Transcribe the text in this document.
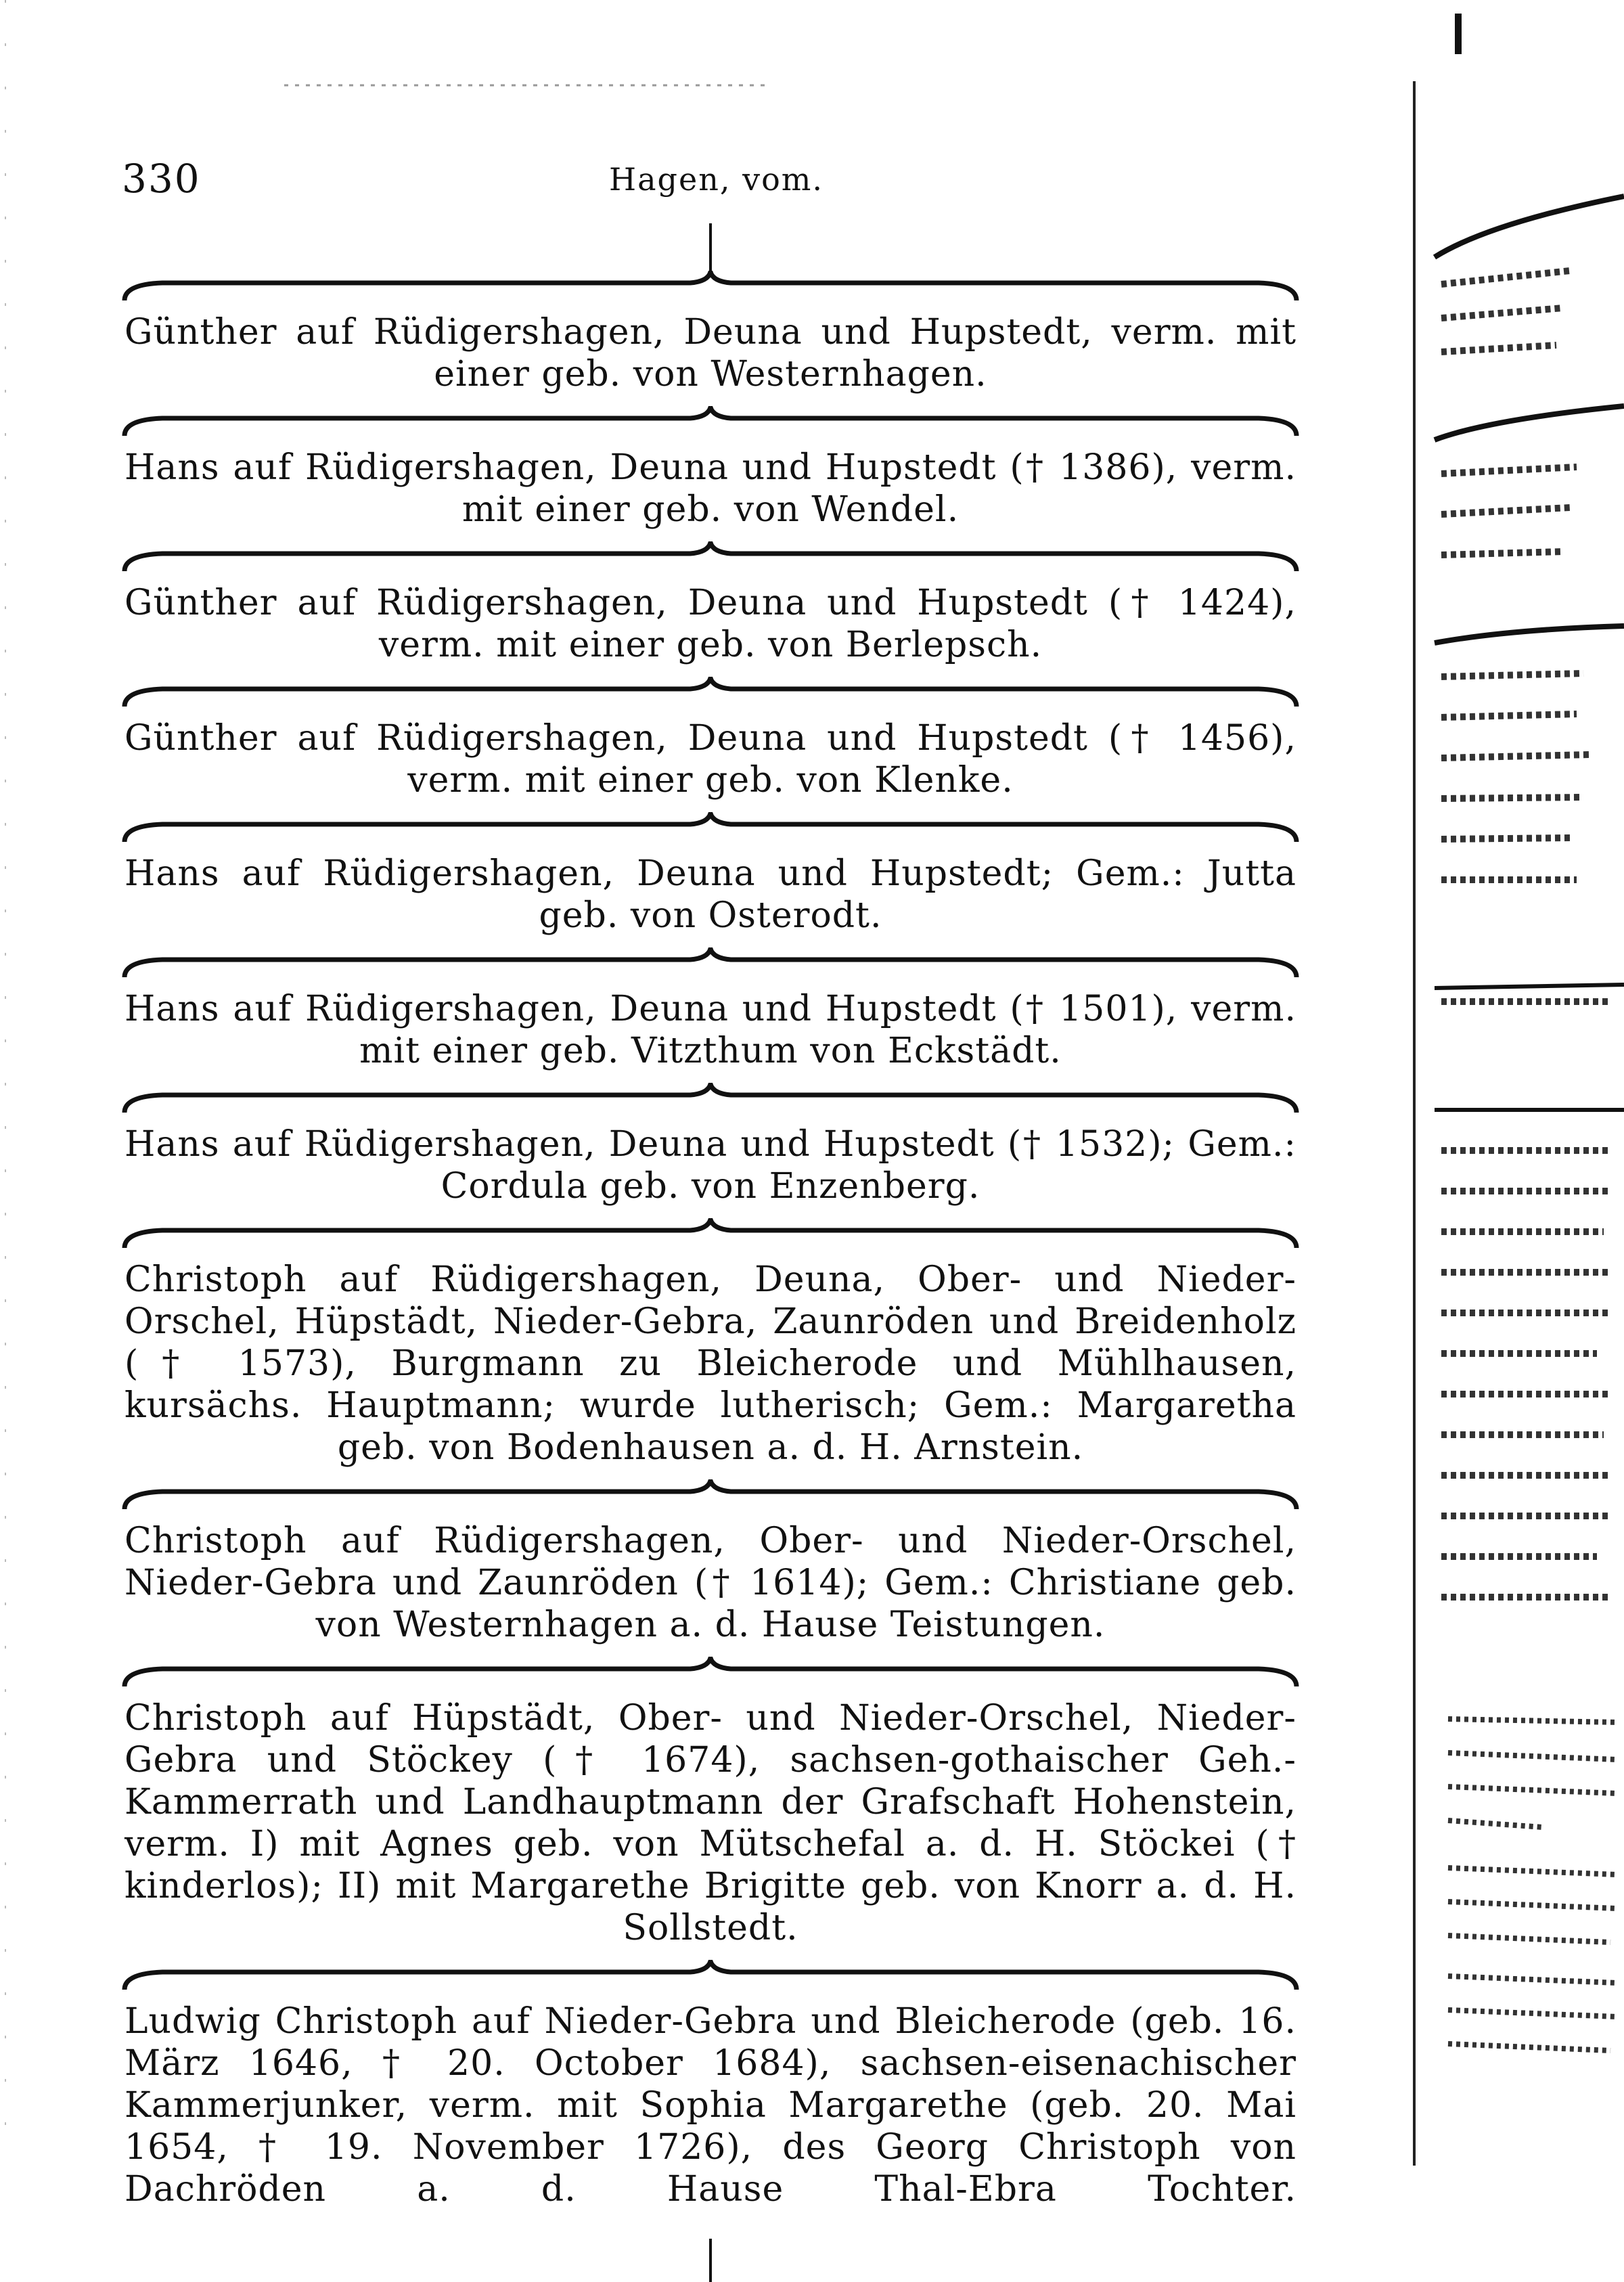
330	Hagen, vom.
Günther auf Rüdigershagen, Deuna und Hupstedt, verm. mit einer geb. von Westernhagen.
Hans auf Rüdigershagen, Deuna und Hupstedt († 1386), verm. mit einer geb. von Wendel.
Günther auf Rüdigershagen, Deuna und Hupstedt († 1424), verm. mit einer geb. von Berlepsch.
Günther auf Rüdigershagen, Deuna und Hupstedt († 1456), verm. mit einer geb. von Klenke.
Hans auf Rüdigershagen, Deuna und Hupstedt; Gem.: Jutta geb. von Osterodt.
Hans auf Rüdigershagen, Deuna und Hupstedt († 1501), verm. mit einer geb. Vitzthum von Eckstädt.
Hans auf Rüdigershagen, Deuna und Hupstedt († 1532); Gem.: Cordula geb. von Enzenberg.
Christoph auf Rüdigershagen, Deuna, Ober- und Nieder-Orschel, Hüpstädt, Nieder-Gebra, Zaunröden und Breidenholz († 1573), Burgmann zu Bleicherode und Mühlhausen, kursächs. Hauptmann; wurde lutherisch; Gem.: Margaretha geb. von Bodenhausen a. d. H. Arnstein.
Christoph auf Rüdigershagen, Ober- und Nieder-Orschel, Nieder-Gebra und Zaunröden († 1614); Gem.: Christiane geb. von Westernhagen a. d. Hause Teistungen.
Christoph auf Hüpstädt, Ober- und Nieder-Orschel, Nieder-Gebra und Stöckey († 1674), sachsen-gothaischer Geh.-Kammerrath und Landhauptmann der Grafschaft Hohenstein, verm. I) mit Agnes geb. von Mütschefal a. d. H. Stöckei († kinderlos); II) mit Margarethe Brigitte geb. von Knorr a. d. H. Sollstedt.
Ludwig Christoph auf Nieder-Gebra und Bleicherode (geb. 16. März 1646, † 20. October 1684), sachsen-eisenachischer Kammerjunker, verm. mit Sophia Margarethe (geb. 20. Mai 1654, † 19. November 1726), des Georg Christoph von Dachröden a. d. Hause Thal-Ebra Tochter.
